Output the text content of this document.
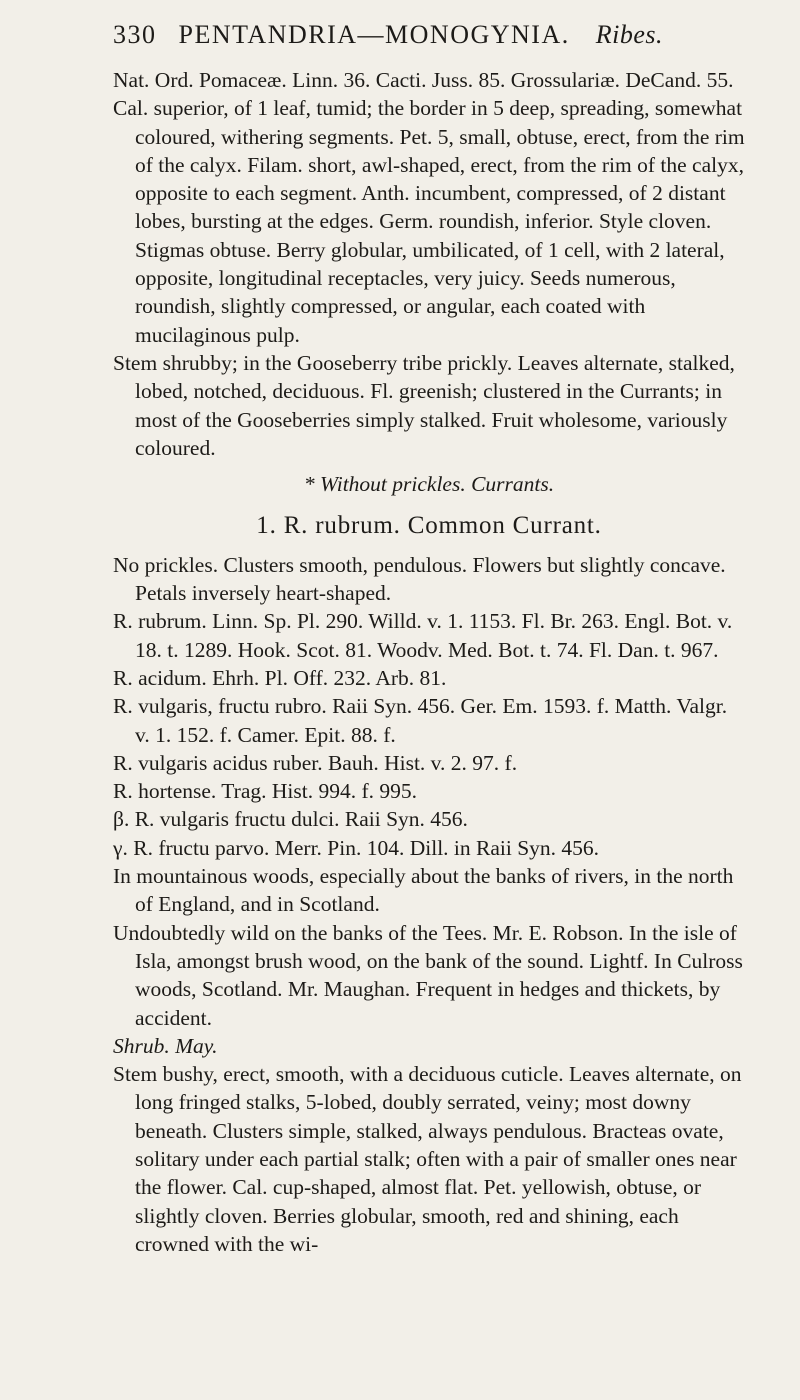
330 PENTANDRIA—MONOGYNIA. Ribes.

Nat. Ord. Pomaceæ. Linn. 36. Cacti. Juss. 85. Grossulariæ. DeCand. 55.

Cal. superior, of 1 leaf, tumid; the border in 5 deep, spreading, somewhat coloured, withering segments. Pet. 5, small, obtuse, erect, from the rim of the calyx. Filam. short, awl-shaped, erect, from the rim of the calyx, opposite to each segment. Anth. incumbent, compressed, of 2 distant lobes, bursting at the edges. Germ. roundish, inferior. Style cloven. Stigmas obtuse. Berry globular, umbilicated, of 1 cell, with 2 lateral, opposite, longitudinal receptacles, very juicy. Seeds numerous, roundish, slightly compressed, or angular, each coated with mucilaginous pulp.

Stem shrubby; in the Gooseberry tribe prickly. Leaves alternate, stalked, lobed, notched, deciduous. Fl. greenish; clustered in the Currants; in most of the Gooseberries simply stalked. Fruit wholesome, variously coloured.

* Without prickles. Currants.

1. R. rubrum. Common Currant.

No prickles. Clusters smooth, pendulous. Flowers but slightly concave. Petals inversely heart-shaped.

R. rubrum. Linn. Sp. Pl. 290. Willd. v. 1. 1153. Fl. Br. 263. Engl. Bot. v. 18. t. 1289. Hook. Scot. 81. Woodv. Med. Bot. t. 74. Fl. Dan. t. 967.

R. acidum. Ehrh. Pl. Off. 232. Arb. 81.

R. vulgaris, fructu rubro. Raii Syn. 456. Ger. Em. 1593. f. Matth. Valgr. v. 1. 152. f. Camer. Epit. 88. f.

R. vulgaris acidus ruber. Bauh. Hist. v. 2. 97. f.

R. hortense. Trag. Hist. 994. f. 995.

β. R. vulgaris fructu dulci. Raii Syn. 456.

γ. R. fructu parvo. Merr. Pin. 104. Dill. in Raii Syn. 456.

In mountainous woods, especially about the banks of rivers, in the north of England, and in Scotland.

Undoubtedly wild on the banks of the Tees. Mr. E. Robson. In the isle of Isla, amongst brush wood, on the bank of the sound. Lightf. In Culross woods, Scotland. Mr. Maughan. Frequent in hedges and thickets, by accident.

Shrub. May.

Stem bushy, erect, smooth, with a deciduous cuticle. Leaves alternate, on long fringed stalks, 5-lobed, doubly serrated, veiny; most downy beneath. Clusters simple, stalked, always pendulous. Bracteas ovate, solitary under each partial stalk; often with a pair of smaller ones near the flower. Cal. cup-shaped, almost flat. Pet. yellowish, obtuse, or slightly cloven. Berries globular, smooth, red and shining, each crowned with the wi-
